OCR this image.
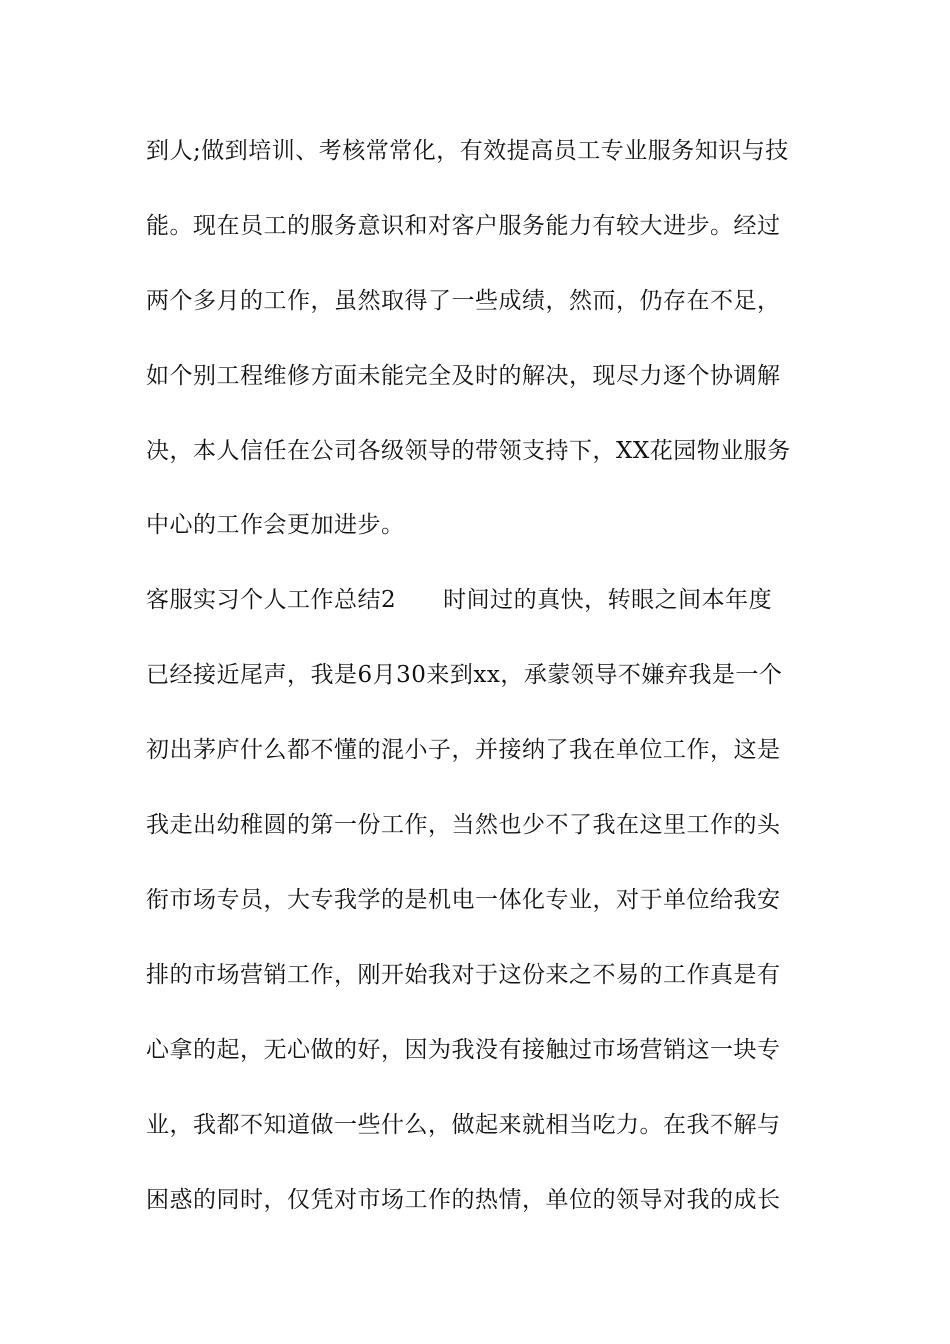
到人;做到培训、考核常常化，有效提高员工专业服务知识与技
能。现在员工的服务意识和对客户服务能力有较大进步。经过
两个多月的工作，虽然取得了一些成绩，然而，仍存在不足，
如个别工程维修方面未能完全及时的解决，现尽力逐个协调解
决，本人信任在公司各级领导的带领支持下，XX花园物业服务
中心的工作会更加进步。
客服实习个人工作总结2　　时间过的真快，转眼之间本年度
已经接近尾声，我是6月30来到xx，承蒙领导不嫌弃我是一个
初出茅庐什么都不懂的混小子，并接纳了我在单位工作，这是
我走出幼稚圆的第一份工作，当然也少不了我在这里工作的头
衔市场专员，大专我学的是机电一体化专业，对于单位给我安
排的市场营销工作，刚开始我对于这份来之不易的工作真是有
心拿的起，无心做的好，因为我没有接触过市场营销这一块专
业，我都不知道做一些什么，做起来就相当吃力。在我不解与
困惑的同时，仅凭对市场工作的热情，单位的领导对我的成长
